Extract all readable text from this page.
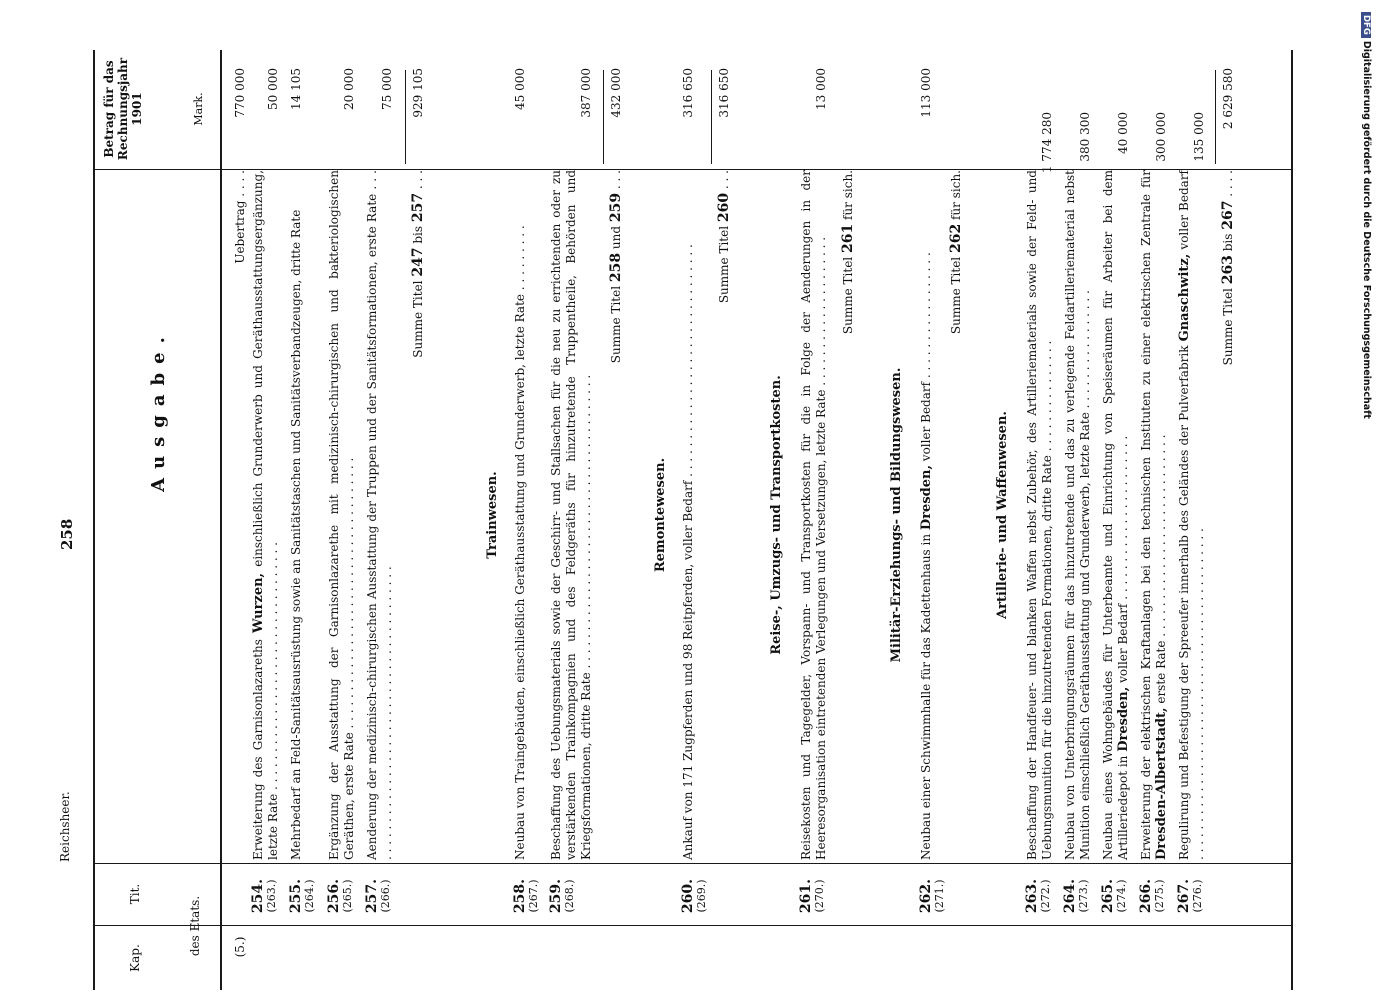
Reichsheer.
258
DFGDigitalisierung gefördert durch die Deutsche Forschungsgemeinschaft
Kap.
Tit.
des Etats.
Ausgabe.
Betrag für das Rechnungsjahr 1901	Mark.
(5.)
Uebertrag . . . .
770 000
254. (263.)
Erweiterung des Garnisonlazareths Wurzen, einschließlich Grunderwerb und Geräthausstattungsergänzung, letzte Rate . . . . . . . . . . . . . . . . . . . . . . . . . . . . . . . . .
50 000
255. (264.)
Mehrbedarf an Feld-Sanitätsausrüstung sowie an Sanitätstaschen und Sanitätsverbandzeugen, dritte Rate
14 105
256. (265.)
Ergänzung der Ausstattung der Garnisonlazarethe mit medizinisch-chirurgischen und bakteriologischen Geräthen, erste Rate . . . . . . . . . . . . . . . . . . . . . . . . . . . . . . . . . . . .
20 000
257. (266.)
Aenderung der medizinisch-chirurgischen Ausstattung der Truppen und der Sanitätsformationen, erste Rate . . . . . . . . . . . . . . . . . . . . . . . . . . . . . . . . . . . . . . . . . .
75 000
Summe Titel 247 bis 257 . . .
929 105
Trainwesen.
258. (267.)
Neubau von Traingebäuden, einschließlich Geräthausstattung und Grunderwerb, letzte Rate . . . . . . . . .
45 000
259. (268.)
Beschaffung des Uebungsmaterials sowie der Geschirr- und Stallsachen für die neu zu errichtenden oder zu verstärkenden Trainkompagnien und des Feldgeräths für hinzutretende Truppentheile, Behörden und Kriegsformationen, dritte Rate . . . . . . . . . . . . . . . . . . . . . . . . . . . . . . . . . . . . . . .
387 000
Summe Titel 258 und 259 . . .
432 000
Remontewesen.
260. (269.)
Ankauf von 171 Zugpferden und 98 Reitpferden, voller Bedarf . . . . . . . . . . . . . . . . . . . . . . . . . . . . . . .
316 650
Summe Titel 260 . . .
316 650
Reise-, Umzugs- und Transportkosten.
261. (270.)
Reisekosten und Tagegelder, Vorspann- und Transportkosten für die in Folge der Aenderungen in der Heeresorganisation eintretenden Verlegungen und Versetzungen, letzte Rate . . . . . . . . . . . . . . . . . . . .
13 000
Summe Titel 261 für sich.
Militär-Erziehungs- und Bildungswesen.
262. (271.)
Neubau einer Schwimmhalle für das Kadettenhaus in Dresden, voller Bedarf . . . . . . . . . . . . . . . . .
113 000
Summe Titel 262 für sich.
Artillerie- und Waffenwesen.
263. (272.)
Beschaffung der Handfeuer- und blanken Waffen nebst Zubehör, des Artilleriematerials sowie der Feld- und Uebungsmunition für die hinzutretenden Formationen, dritte Rate . . . . . . . . . . . . . . .
1 774 280
264. (273.)
Neubau von Unterbringungsräumen für das hinzutretende und das zu verlegende Feldartilleriematerial nebst Munition einschließlich Geräthausstattung und Grunderwerb, letzte Rate . . . . . . . . . . . . . . . .
380 300
265. (274.)
Neubau eines Wohngebäudes für Unterbeamte und Einrichtung von Speiseräumen für Arbeiter bei dem Artilleriedepot in Dresden, voller Bedarf . . . . . . . . . . . . . . . . . . . . . .
40 000
266. (275.)
Erweiterung der elektrischen Kraftanlagen bei den technischen Instituten zu einer elektrischen Zentrale für Dresden-Albertstadt, erste Rate . . . . . . . . . . . . . . . . . . . . . . . . . . .
300 000
267. (276.)
Regulirung und Befestigung der Spreeufer innerhalb des Geländes der Pulverfabrik Gnaschwitz, voller Bedarf . . . . . . . . . . . . . . . . . . . . . . . . . . . . . . . . . . . . . . . . . . . .
135 000
Summe Titel 263 bis 267 . . . .
2 629 580
